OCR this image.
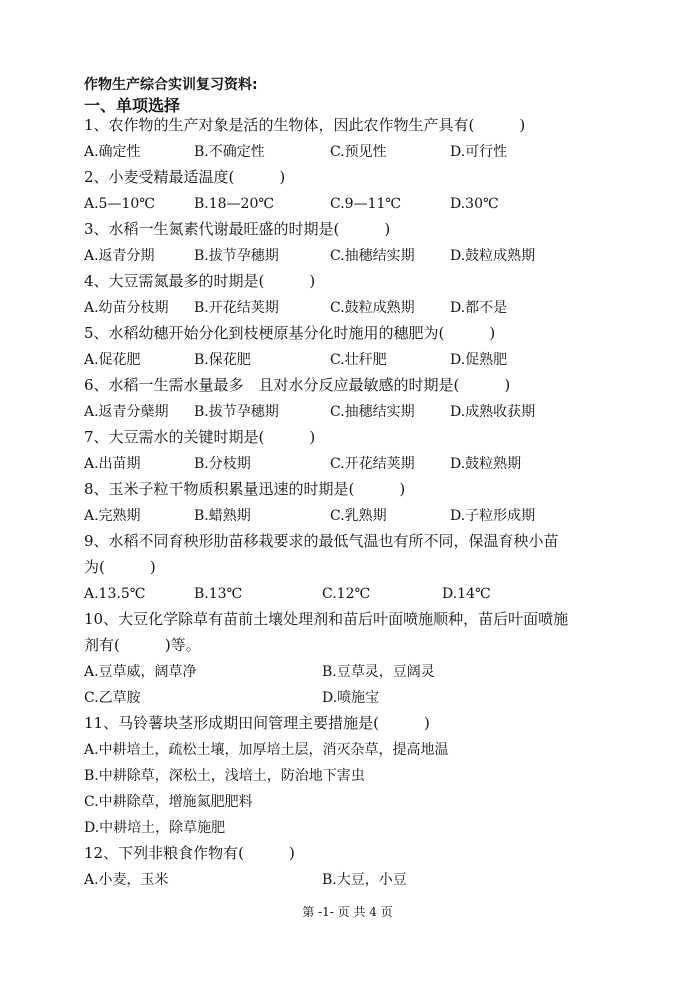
作物生产综合实训复习资料:
一、单项选择
1、农作物的生产对象是活的生物体，因此农作物生产具有(　　　)
A.确定性	B.不确定性	C.预见性	D.可行性
2、小麦受精最适温度(　　　)
A.5—10℃	B.18—20℃	C.9—11℃	D.30℃
3、水稻一生氮素代谢最旺盛的时期是(　　　)
A.返青分期	B.拔节孕穗期	C.抽穗结实期	D.鼓粒成熟期
4、大豆需氮最多的时期是(　　　)
A.幼苗分枝期 B.开花结荚期	C.鼓粒成熟期	D.都不是
5、水稻幼穗开始分化到枝梗原基分化时施用的穗肥为(　　　)
A.促花肥	B.保花肥	C.壮秆肥	D.促熟肥
6、水稻一生需水量最多　且对水分反应最敏感的时期是(　　　)
A.返青分蘖期 B.拔节孕穗期	C.抽穗结实期	D.成熟收获期
7、大豆需水的关键时期是(　　　)
A.出苗期	B.分枝期	C.开花结荚期	D.鼓粒熟期
8、玉米子粒干物质积累量迅速的时期是(　　　)
A.完熟期	B.蜡熟期	C.乳熟期	D.子粒形成期
9、水稻不同育秧形肋苗移栽要求的最低气温也有所不同，保温育秧小苗
为(　　　)
A.13.5℃	B.13℃	C.12℃	D.14℃
10、大豆化学除草有苗前土壤处理剂和苗后叶面喷施顺种，苗后叶面喷施
剂有(　　　)等。
A.豆草威，阔草净	B.豆草灵，豆阔灵
C.乙草胺	D.喷施宝
11、马铃薯块茎形成期田间管理主要措施是(　　　)
A.中耕培土，疏松土壤，加厚培土层，消灭杂草，提高地温
B.中耕除草，深松土，浅培土，防治地下害虫
C.中耕除草，增施氮肥肥料
D.中耕培土，除草施肥
12、下列非粮食作物有(　　　)
A.小麦，玉米	B.大豆，小豆
第 -1- 页 共 4 页
